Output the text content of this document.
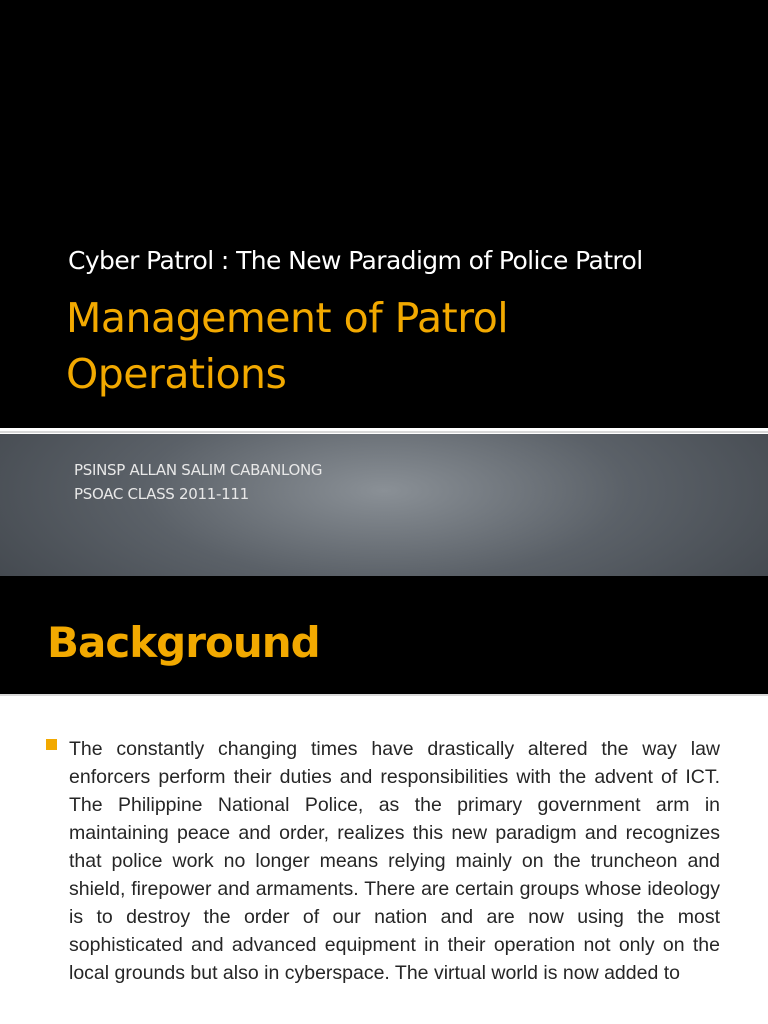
Cyber Patrol : The New Paradigm of Police Patrol
Management of Patrol
Operations
PSINSP ALLAN SALIM CABANLONG
PSOAC CLASS 2011-111
Background
The constantly changing times have drastically altered the way law enforcers perform their duties and responsibilities with the advent of ICT. The Philippine National Police, as the primary government arm in maintaining peace and order, realizes this new paradigm and recognizes that police work no longer means relying mainly on the truncheon and shield, firepower and armaments. There are certain groups whose ideology is to destroy the order of our nation and are now using the most sophisticated and advanced equipment in their operation not only on the local grounds but also in cyberspace. The virtual world is now added to
